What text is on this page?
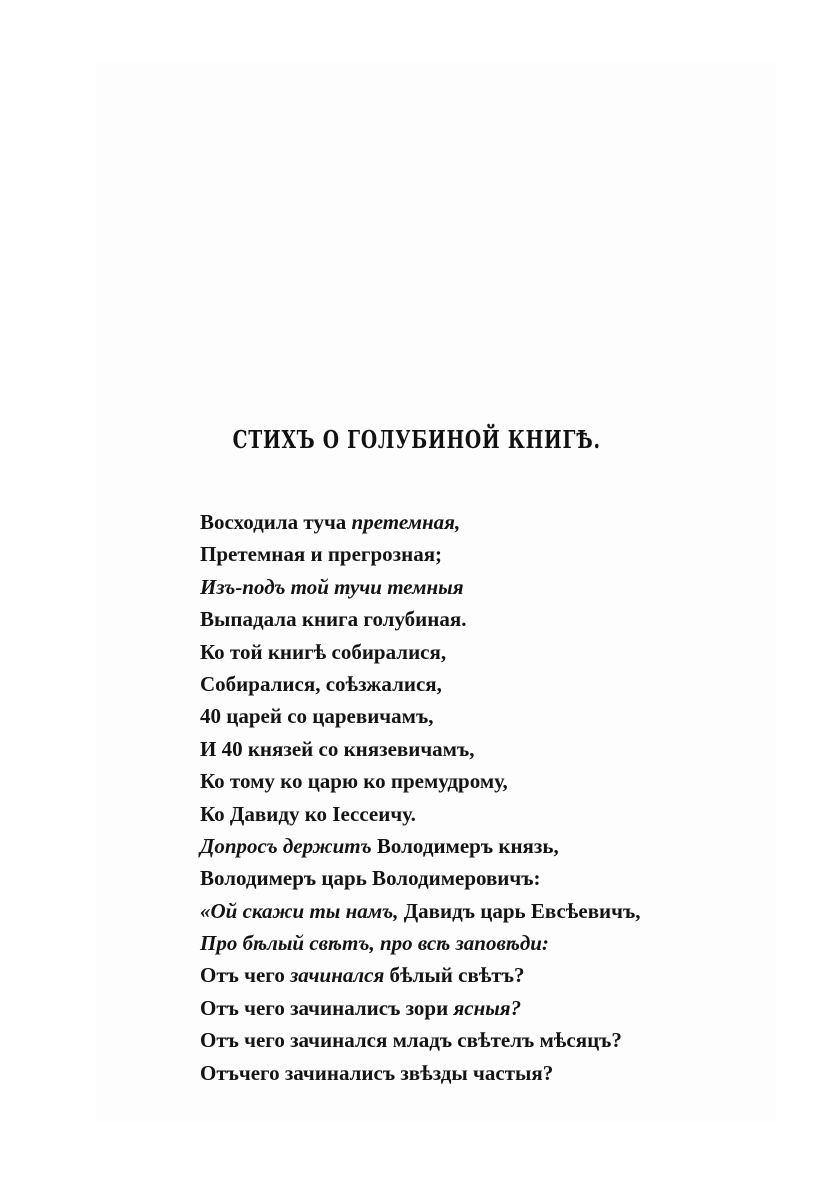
СТИХЪ О ГОЛУБИНОЙ КНИГѢ.
Восходила туча претемная,
Претемная и прегрозная;
Изъ-подъ той тучи темныя
Выпадала книга голубиная.
Ко той книгѣ собиралися,
Собиралися, соѣзжалися,
40 царей со царевичамъ,
И 40 князей со князевичамъ,
Ко тому ко царю ко премудрому,
Ко Давиду ко Іессеичу.
Допросъ держитъ Володимеръ князь,
Володимеръ царь Володимеровичъ:
«Ой скажи ты намъ, Давидъ царь Евсѣевичъ,
Про бѣлый свѣтъ, про всѣ заповѣди:
Отъ чего зачинался бѣлый свѣтъ?
Отъ чего зачиналисъ зори ясныя?
Отъ чего зачинался младъ свѣтелъ мѣсяцъ?
Отъчего зачиналисъ звѣзды частыя?
